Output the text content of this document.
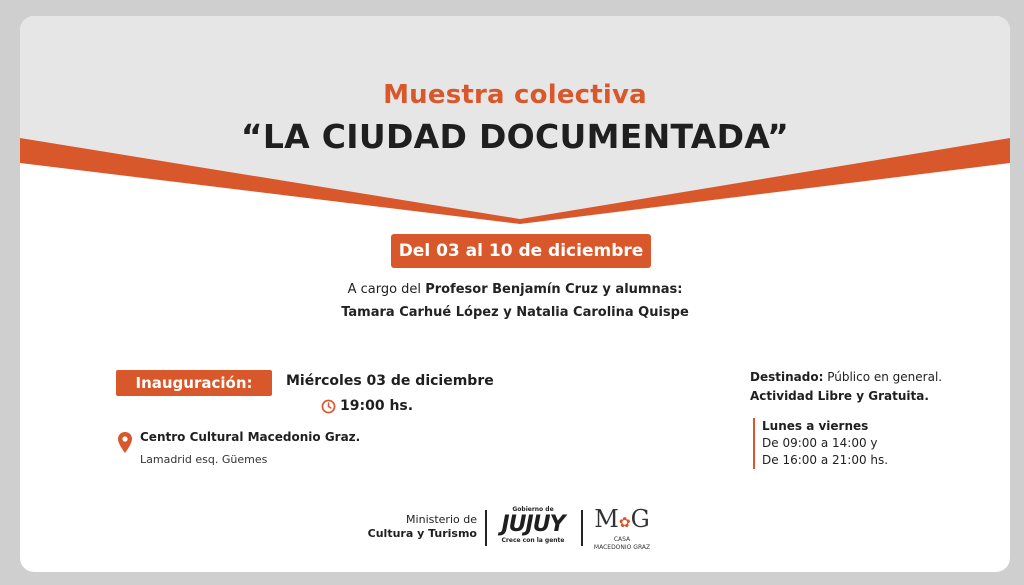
Muestra colectiva
“LA CIUDAD DOCUMENTADA”
Del 03 al 10 de diciembre
A cargo del Profesor Benjamín Cruz y alumnas:
Tamara Carhué López y Natalia Carolina Quispe
Inauguración:	Miércoles 03 de diciembre
19:00 hs.
Centro Cultural Macedonio Graz.
Lamadrid esq. Güemes
Destinado: Público en general.
Actividad Libre y Gratuita.
Lunes a viernes
De 09:00 a 14:00 y
De 16:00 a 21:00 hs.
Ministerio de
Cultura y Turismo
Gobierno de
JUJUY
Crece con la gente
M✿G
CASA
MACEDONIO GRAZ
